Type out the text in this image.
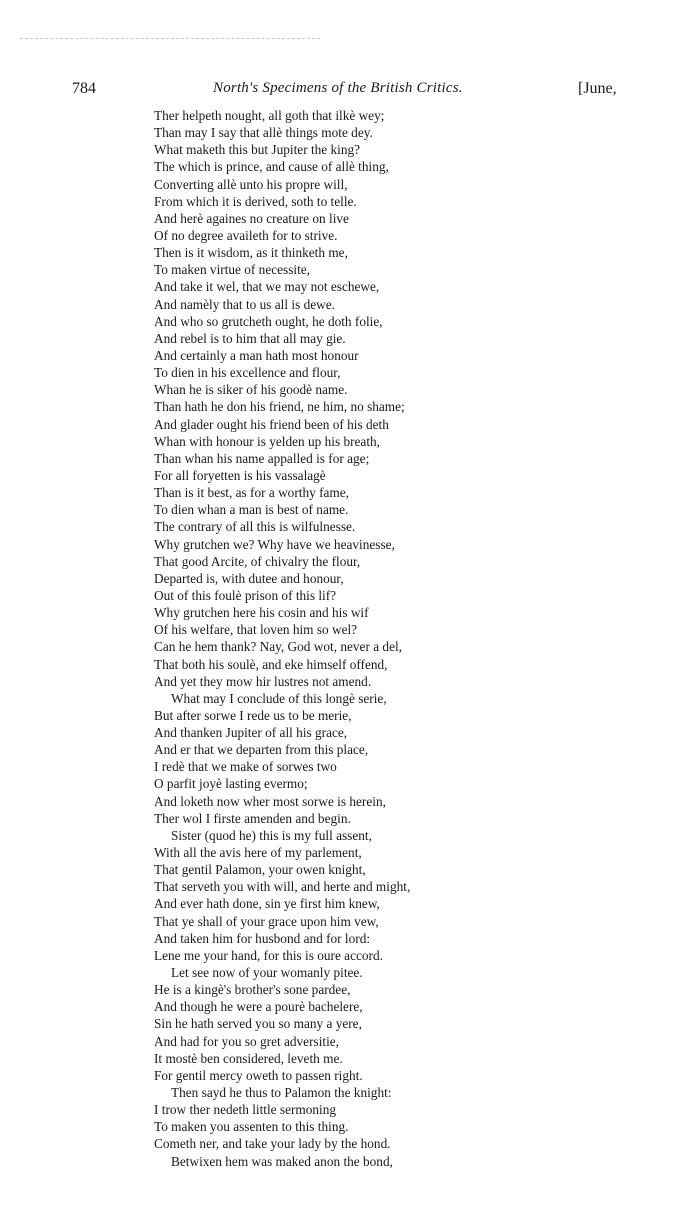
784	North's Specimens of the British Critics.	[June,
Ther helpeth nought, all goth that ilkè wey;
Than may I say that allè things mote dey.
What maketh this but Jupiter the king?
The which is prince, and cause of allè thing,
Converting allè unto his propre will,
From which it is derived, soth to telle.
And herè againes no creature on live
Of no degree availeth for to strive.
Then is it wisdom, as it thinketh me,
To maken virtue of necessite,
And take it wel, that we may not eschewe,
And namèly that to us all is dewe.
And who so grutcheth ought, he doth folie,
And rebel is to him that all may gie.
And certainly a man hath most honour
To dien in his excellence and flour,
Whan he is siker of his goodè name.
Than hath he don his friend, ne him, no shame;
And glader ought his friend been of his deth
Whan with honour is yelden up his breath,
Than whan his name appalled is for age;
For all foryetten is his vassalagè
Than is it best, as for a worthy fame,
To dien whan a man is best of name.
The contrary of all this is wilfulnesse.
Why grutchen we? Why have we heavinesse,
That good Arcite, of chivalry the flour,
Departed is, with dutee and honour,
Out of this foulè prison of this lif?
Why grutchen here his cosin and his wif
Of his welfare, that loven him so wel?
Can he hem thank? Nay, God wot, never a del,
That both his soulè, and eke himself offend,
And yet they mow hir lustres not amend.
What may I conclude of this longè serie,
But after sorwe I rede us to be merie,
And thanken Jupiter of all his grace,
And er that we departen from this place,
I redè that we make of sorwes two
O parfit joyè lasting evermo;
And loketh now wher most sorwe is herein,
Ther wol I firste amenden and begin.
Sister (quod he) this is my full assent,
With all the avis here of my parlement,
That gentil Palamon, your owen knight,
That serveth you with will, and herte and might,
And ever hath done, sin ye first him knew,
That ye shall of your grace upon him vew,
And taken him for husbond and for lord:
Lene me your hand, for this is oure accord.
Let see now of your womanly pitee.
He is a kingè's brother's sone pardee,
And though he were a pourè bachelere,
Sin he hath served you so many a yere,
And had for you so gret adversitie,
It mostè ben considered, leveth me.
For gentil mercy oweth to passen right.
Then sayd he thus to Palamon the knight:
I trow ther nedeth little sermoning
To maken you assenten to this thing.
Cometh ner, and take your lady by the hond.
Betwixen hem was maked anon the bond,
